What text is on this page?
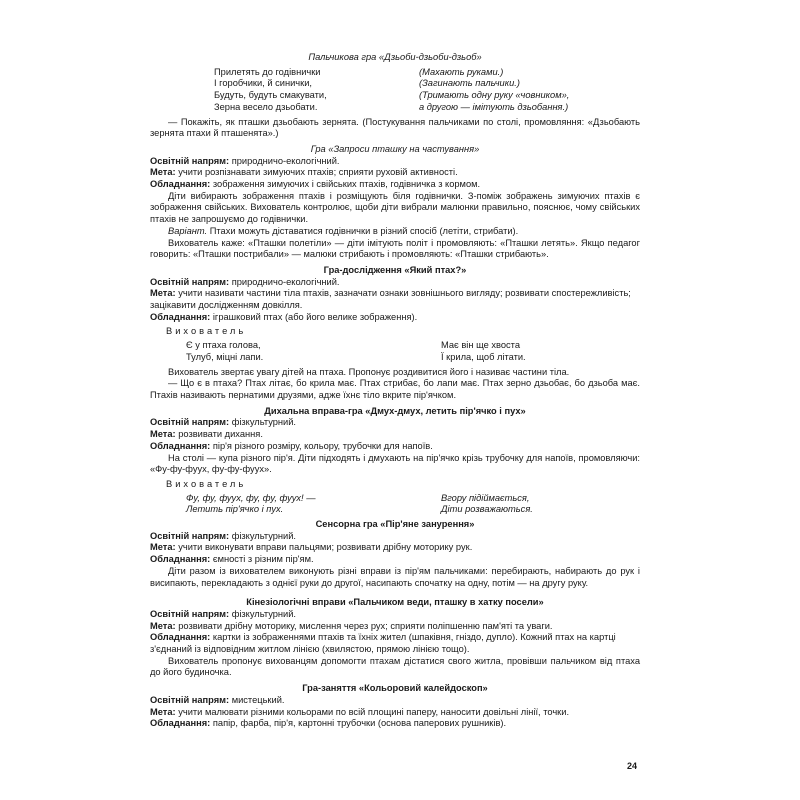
Пальчикова гра «Дзьоби-дзьоби-дзьоб»
Прилетять до годівнички	(Махають руками.)
І горобчики, й синички,	(Загинають пальчики.)
Будуть, будуть смакувати,	(Тримають одну руку «човником»,
Зерна весело дзьобати.	а другою — імітують дзьобання.)

— Покажіть, як пташки дзьобають зернята. (Постукування пальчиками по столі, промовляння: «Дзьобають зернята птахи й пташенята».)

Гра «Запроси пташку на частування»
Освітній напрям: природничо-екологічний.
Мета: учити розпізнавати зимуючих птахів; сприяти руховій активності.
Обладнання: зображення зимуючих і свійських птахів, годівничка з кормом.

Діти вибирають зображення птахів і розміщують біля годівнички. З-поміж зображень зимуючих птахів є зображення свійських. Вихователь контролює, щоби діти вибрали малюнки правильно, пояснює, чому свійських птахів не запрошуємо до годівнички.

Варіант. Птахи можуть діставатися годівнички в різний спосіб (летіти, стрибати).

Вихователь каже: «Пташки полетіли» — діти імітують політ і промовляють: «Пташки летять». Якщо педагог говорить: «Пташки пострибали» — малюки стрибають і промовляють: «Пташки стрибають».

Гра-дослідження «Який птах?»
Освітній напрям: природничо-екологічний.
Мета: учити називати частини тіла птахів, зазначати ознаки зовнішнього вигляду; розвивати спостережливість; зацікавити дослідженням довкілля.
Обладнання: іграшковий птах (або його велике зображення).
Вихователь
Є у птаха голова,	Має він ще хвоста
Тулуб, міцні лапи.	Ї крила, щоб літати.

Вихователь звертає увагу дітей на птаха. Пропонує роздивитися його і називає частини тіла.

— Що є в птаха? Птах літає, бо крила має. Птах стрибає, бо лапи має. Птах зерно дзьобає, бо дзьоба має. Птахів називають пернатими друзями, адже їхнє тіло вкрите пір'ячком.

Дихальна вправа-гра «Дмух-дмух, летить пір'ячко і пух»
Освітній напрям: фізкультурний.
Мета: розвивати дихання.
Обладнання: пір'я різного розміру, кольору, трубочки для напоїв.

На столі — купа різного пір'я. Діти підходять і дмухають на пір'ячко крізь трубочку для напоїв, промовляючи: «Фу-фу-фуух, фу-фу-фуух».

Вихователь
Фу, фу, фуух, фу, фу, фуух! —	Вгору підіймається,
Летить пір'ячко і пух.	Діти розважаються.
Сенсорна гра «Пір'яне занурення»
Освітній напрям: фізкультурний.
Мета: учити виконувати вправи пальцями; розвивати дрібну моторику рук.
Обладнання: ємності з різним пір'ям.

Діти разом із вихователем виконують різні вправи із пір'ям пальчиками: перебирають, набирають до рук і висипають, перекладають з однієї руки до другої, насипають спочатку на одну, потім — на другу руку.

Кінезіологічні вправи «Пальчиком веди, пташку в хатку посели»
Освітній напрям: фізкультурний.
Мета: розвивати дрібну моторику, мислення через рух; сприяти поліпшенню пам'яті та уваги.
Обладнання: картки із зображеннями птахів та їхніх жител (шпаківня, гніздо, дупло). Кожний птах на картці з'єднаний із відповідним житлом лінією (хвилястою, прямою лінією тощо).

Вихователь пропонує вихованцям допомогти птахам дістатися свого житла, провівши пальчиком від птаха до його будиночка.

Гра-заняття «Кольоровий калейдоскоп»
Освітній напрям: мистецький.
Мета: учити малювати різними кольорами по всій площині паперу, наносити довільні лінії, точки.
Обладнання: папір, фарба, пір'я, картонні трубочки (основа паперових рушників).
24
